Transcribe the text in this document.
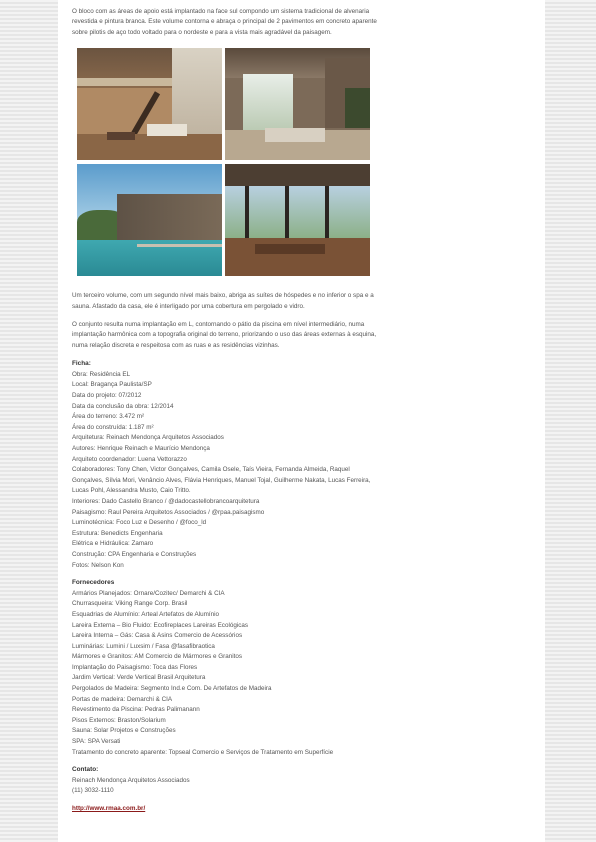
O bloco com as áreas de apoio está implantado na face sul compondo um sistema tradicional de alvenaria revestida e pintura branca. Este volume contorna e abraça o principal de 2 pavimentos em concreto aparente sobre pilotis de aço todo voltado para o nordeste e para a vista mais agradável da paisagem.

Um terceiro volume, com um segundo nível mais baixo, abriga as suítes de hóspedes e no inferior o spa e a sauna. Afastado da casa, ele é interligado por uma cobertura em pergolado e vidro.

O conjunto resulta numa implantação em L, contornando o pátio da piscina em nível intermediário, numa implantação harmônica com a topografia original do terreno, priorizando o uso das áreas externas à esquina, numa relação discreta e respeitosa com as ruas e as residências vizinhas.

Ficha:
Obra: Residência EL
Local: Bragança Paulista/SP
Data do projeto: 07/2012
Data da conclusão da obra: 12/2014
Área do terreno: 3.472 m²
Área do construída: 1.187 m²
Arquitetura: Reinach Mendonça Arquitetos Associados
Autores: Henrique Reinach e Maurício Mendonça
Arquiteto coordenador: Luena Vettorazzo
Colaboradores: Tony Chen, Victor Gonçalves, Camila Osele, Taís Vieira, Fernanda Almeida, Raquel Gonçalves, Sílvia Mori, Venâncio Alves, Flávia Henriques, Manuel Tojal, Guilherme Nakata, Lucas Ferreira, Lucas Pohl, Alessandra Musto, Caio Tritto.
Interiores: Dado Castello Branco / @dadocastellobrancoarquitetura
Paisagismo: Raul Pereira Arquitetos Associados / @rpaa.paisagismo
Luminotécnica: Foco Luz e Desenho / @foco_ld
Estrutura: Benedicts Engenharia
Elétrica e Hidráulica: Zamaro
Construção: CPA Engenharia e Construções
Fotos: Nelson Kon
Fornecedores
Armários Planejados: Ornare/Cozitec/ Demarchi & CIA
Churrasqueira: Viking Range Corp. Brasil
Esquadrias de Alumínio: Arteal Artefatos de Alumínio
Lareira Externa – Bio Fluido: Ecofireplaces Lareiras Ecológicas
Lareira Interna – Gás: Casa & Asins Comercio de Acessórios
Luminárias: Lumini / Luxsim / Fasa @fasafibraotica
Mármores e Granitos: AM Comercio de Mármores e Granitos
Implantação do Paisagismo: Toca das Flores
Jardim Vertical: Verde Vertical Brasil Arquitetura
Pergolados de Madeira: Segmento Ind.e Com. De Artefatos de Madeira
Portas de madeira: Demarchi & CIA
Revestimento da Piscina: Pedras Palimanann
Pisos Externos: Braston/Solarium
Sauna: Solar Projetos e Construções
SPA: SPA Versati
Tratamento do concreto aparente: Topseal Comercio e Serviços de Tratamento em Superfície
Contato:
Reinach Mendonça Arquitetos Associados
(11) 3032-1110
http://www.rmaa.com.br/
